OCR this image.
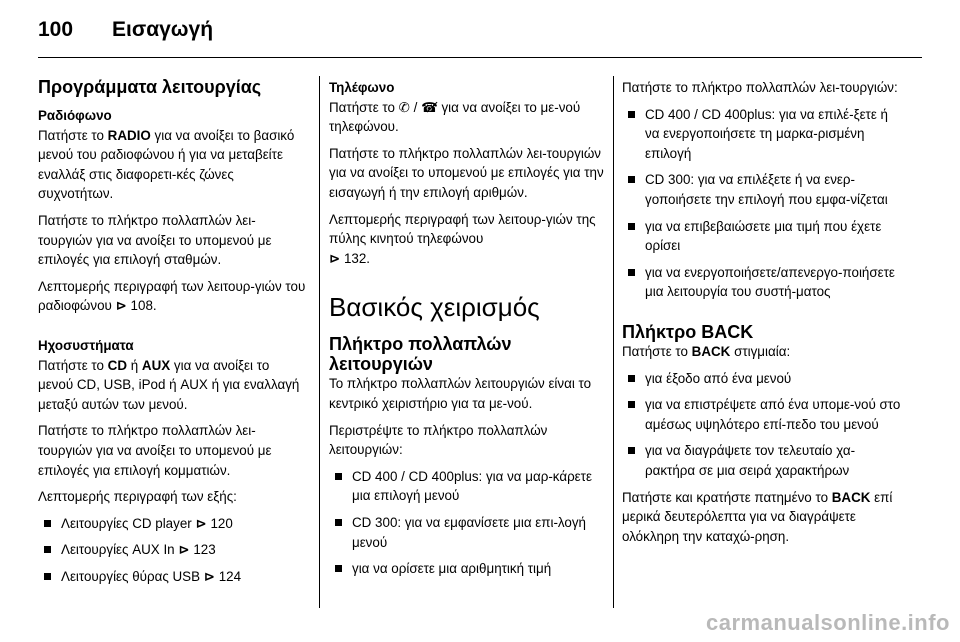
100	Εισαγωγή
Προγράμματα λειτουργίας
Ραδιόφωνο

Πατήστε το RADIO για να ανοίξει το βασικό μενού του ραδιοφώνου ή για να μεταβείτε εναλλάξ στις διαφορετι-κές ζώνες συχνοτήτων.

Πατήστε το πλήκτρο πολλαπλών λει-τουργιών για να ανοίξει το υπομενού με επιλογές για επιλογή σταθμών.

Λεπτομερής περιγραφή των λειτουρ-γιών του ραδιοφώνου ⊳ 108.

Ηχοσυστήματα

Πατήστε το CD ή AUX για να ανοίξει το μενού CD, USB, iPod ή AUX ή για εναλλαγή μεταξύ αυτών των μενού.

Πατήστε το πλήκτρο πολλαπλών λει-τουργιών για να ανοίξει το υπομενού με επιλογές για επιλογή κομματιών.

Λεπτομερής περιγραφή των εξής:

Λειτουργίες CD player ⊳ 120
Λειτουργίες AUX In ⊳ 123
Λειτουργίες θύρας USB ⊳ 124
Τηλέφωνο

Πατήστε το ✆ / ☎̸ για να ανοίξει το με-νού τηλεφώνου.

Πατήστε το πλήκτρο πολλαπλών λει-τουργιών για να ανοίξει το υπομενού με επιλογές για την εισαγωγή ή την επιλογή αριθμών.

Λεπτομερής περιγραφή των λειτουρ-γιών της πύλης κινητού τηλεφώνου
⊳ 132.

Βασικός χειρισμός
Πλήκτρο πολλαπλών λειτουργιών

Το πλήκτρο πολλαπλών λειτουργιών είναι το κεντρικό χειριστήριο για τα με-νού.

Περιστρέψτε το πλήκτρο πολλαπλών λειτουργιών:

CD 400 / CD 400plus: για να μαρ-κάρετε μια επιλογή μενού
CD 300: για να εμφανίσετε μια επι-λογή μενού
για να ορίσετε μια αριθμητική τιμή

Πατήστε το πλήκτρο πολλαπλών λει-τουργιών:

CD 400 / CD 400plus: για να επιλέ-ξετε ή να ενεργοποιήσετε τη μαρκα-ρισμένη επιλογή
CD 300: για να επιλέξετε ή να ενερ-γοποιήσετε την επιλογή που εμφα-νίζεται
για να επιβεβαιώσετε μια τιμή που έχετε ορίσει
για να ενεργοποιήσετε/απενεργο-ποιήσετε μια λειτουργία του συστή-ματος
Πλήκτρο BACK

Πατήστε το BACK στιγμιαία:

για έξοδο από ένα μενού
για να επιστρέψετε από ένα υπομε-νού στο αμέσως υψηλότερο επί-πεδο του μενού
για να διαγράψετε τον τελευταίο χα-ρακτήρα σε μια σειρά χαρακτήρων

Πατήστε και κρατήστε πατημένο το BACK επί μερικά δευτερόλεπτα για να διαγράψετε ολόκληρη την καταχώ-ρηση.

carmanualsonline.info
